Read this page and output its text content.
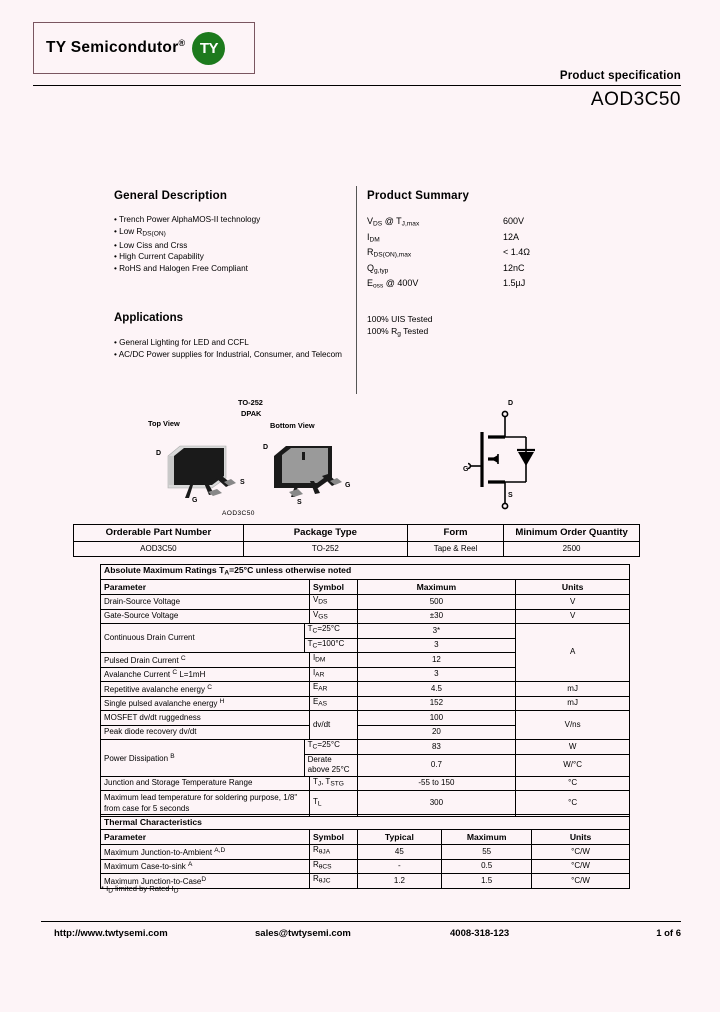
TY Semicondutor® TY
Product specification
AOD3C50
General Description
• Trench Power AlphaMOS-II technology
• Low $R_{DS(ON)}$
• Low Ciss and Crss
• High Current Capability
• RoHS and Halogen Free Compliant
Applications
• General Lighting for LED and CCFL
• AC/DC Power supplies for Industrial, Consumer, and Telecom
Product Summary
$V_{DS}$ @ $T_{J,max}$	600V
$I_{DM}$	12A
$R_{DS(ON),max}$	< 1.4Ω
$Q_{g,typ}$	12nC
$E_{oss}$ @ 400V	1.5µJ
100% UIS Tested
100% $R_g$ Tested
TO-252
DPAK
Top View	Bottom View
D
S
G
D
G
S
AOD3C50
D
G
S
Orderable Part Number	Package Type	Form	Minimum Order Quantity
AOD3C50	TO-252	Tape & Reel	2500
Absolute Maximum Ratings $T_A=25^\circ C$ unless otherwise noted				
Parameter		Symbol	Maximum	Units
Drain-Source Voltage		$V_{DS}$	500	V
Gate-Source Voltage		$V_{GS}$	±30	V
Continuous Drain Current	$T_C=25^\circ C$		3*	A
	$T_C=100^\circ C$		3	
Pulsed Drain Current $^C$		$I_{DM}$	12	
Avalanche Current $^C$ L=1mH		$I_{AR}$	3	
Repetitive avalanche energy $^C$		$E_{AR}$	4.5	mJ
Single pulsed avalanche energy $^H$		$E_{AS}$	152	mJ
MOSFET dv/dt ruggedness		dv/dt	100	V/ns
Peak diode recovery dv/dt			20	
Power Dissipation $^B$	$T_C=25^\circ C$		83	W
	Derate above 25°C		0.7	W/°C
Junction and Storage Temperature Range		$T_J$, $T_{STG}$	-55 to 150	°C
Maximum lead temperature for soldering purpose, 1/8" from case for 5 seconds		$T_L$	300	°C
Thermal Characteristics				
Parameter	Symbol	Typical	Maximum	Units
Maximum Junction-to-Ambient $^{A,D}$	$R_{\theta JA}$	45	55	°C/W
Maximum Case-to-sink $^A$	$R_{\theta CS}$	-	0.5	°C/W
Maximum Junction-to-Case$^D$	$R_{\theta JC}$	1.2	1.5	°C/W
* $I_D$ limited by Rated $I_D$
http://www.twtysemi.com	sales@twtysemi.com	4008-318-123	1 of 6
